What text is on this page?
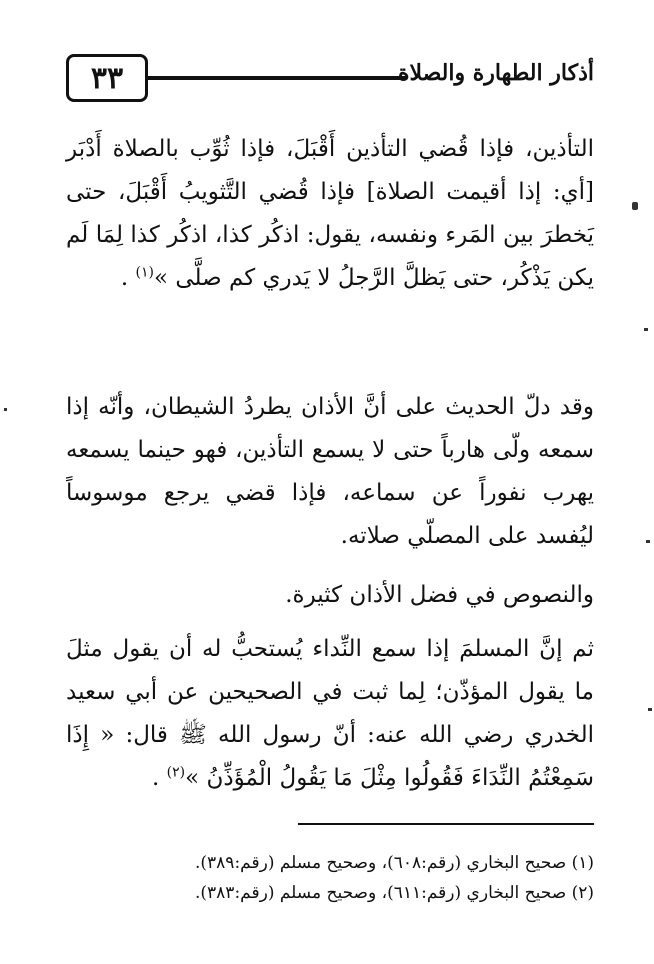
٣٣	أذكار الطهارة والصلاة

التأذين، فإذا قُضي التأذين أَقْبَلَ، فإذا ثُوِّب بالصلاة أَدْبَر [أي: إذا أقيمت الصلاة] فإذا قُضي التَّثويبُ أَقْبَلَ، حتى يَخطرَ بين المَرء ونفسه، يقول: اذكُر كذا، اذكُر كذا لِمَا لَم يكن يَذْكُر، حتى يَظلَّ الرَّجلُ لا يَدري كم صلَّى »$^{(١)}$ .

وقد دلّ الحديث على أنَّ الأذان يطردُ الشيطان، وأنّه إذا سمعه ولّى هارباً حتى لا يسمع التأذين، فهو حينما يسمعه يهرب نفوراً عن سماعه، فإذا قضي يرجع موسوساً ليُفسد على المصلّي صلاته.

والنصوص في فضل الأذان كثيرة.

ثم إنَّ المسلمَ إذا سمع النِّداء يُستحبُّ له أن يقول مثلَ ما يقول المؤذّن؛ لِما ثبت في الصحيحين عن أبي سعيد الخدري رضي الله عنه: أنّ رسول الله ﷺ قال: « إِذَا سَمِعْتُمُ النِّدَاءَ فَقُولُوا مِثْلَ مَا يَقُولُ الْمُؤَذِّنُ »$^{(٢)}$ .

(١) صحيح البخاري (رقم:٦٠٨)، وصحيح مسلم (رقم:٣٨٩).
(٢) صحيح البخاري (رقم:٦١١)، وصحيح مسلم (رقم:٣٨٣).
